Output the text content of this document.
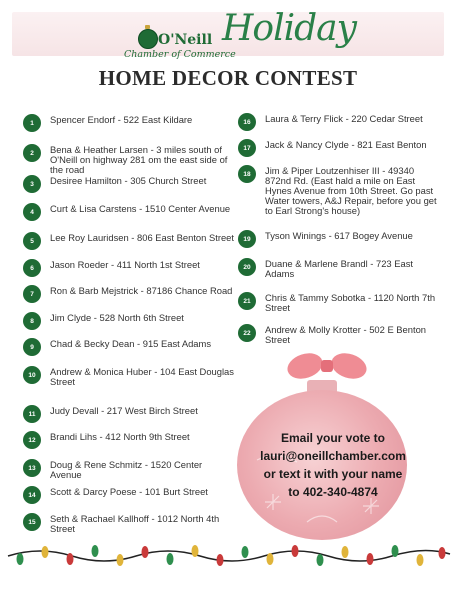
O'Neill
Chamber of Commerce
Holiday
HOME DECOR CONTEST
1	Spencer Endorf - 522 East Kildare
2	Bena & Heather Larsen - 3 miles south of O'Neill on highway 281 om the east side of the road
3	Desiree Hamilton - 305 Church Street
4	Curt & Lisa Carstens - 1510 Center Avenue
5	Lee Roy Lauridsen - 806 East Benton Street
6	Jason Roeder - 411 North 1st Street
7	Ron & Barb Mejstrick - 87186 Chance Road
8	Jim Clyde - 528 North 6th Street
9	Chad & Becky Dean - 915 East Adams
10	Andrew & Monica Huber - 104 East Douglas Street
11	Judy Devall - 217 West Birch Street
12	Brandi Lihs - 412 North 9th Street
13	Doug & Rene Schmitz - 1520 Center Avenue
14	Scott & Darcy Poese - 101 Burt Street
15	Seth & Rachael Kallhoff - 1012 North 4th Street
16	Laura & Terry Flick - 220 Cedar Street
17	Jack & Nancy Clyde - 821 East Benton
18	Jim & Piper Loutzenhiser III - 49340 872nd Rd. (East hald a mile on East Hynes Avenue from 10th Street. Go past Water towers, A&J Repair, before you get to Earl Strong's house)
19	Tyson Winings - 617 Bogey Avenue
20	Duane & Marlene Brandl - 723 East Adams
21	Chris & Tammy Sobotka - 1120 North 7th Street
22	Andrew & Molly Krotter - 502 E Benton Street
Email your vote to
lauri@oneillchamber.com
or text it with your name
to 402-340-4874
